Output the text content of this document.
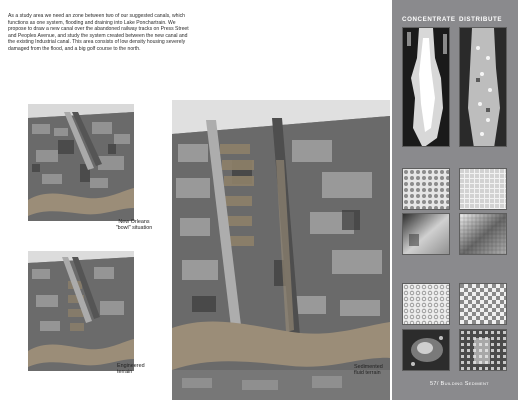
As a study area we need an zone between two of our suggested canals, which functions as one system, flooding and draining into Lake Ponchartrain. We propose to draw a new canal over the abandoned railway tracks on Press Street and Peoples Avenue, and study the system created between the new canal and the existing Industrial canal. This area consists of low density housing severely damaged from the flood, and a big golf course to the north.

New Orleans
"bowl" situation
Engineered
terrain
Sedimented
fluid terrain
CONCENTRATE DISTRIBUTE
57/ Building Sediment
